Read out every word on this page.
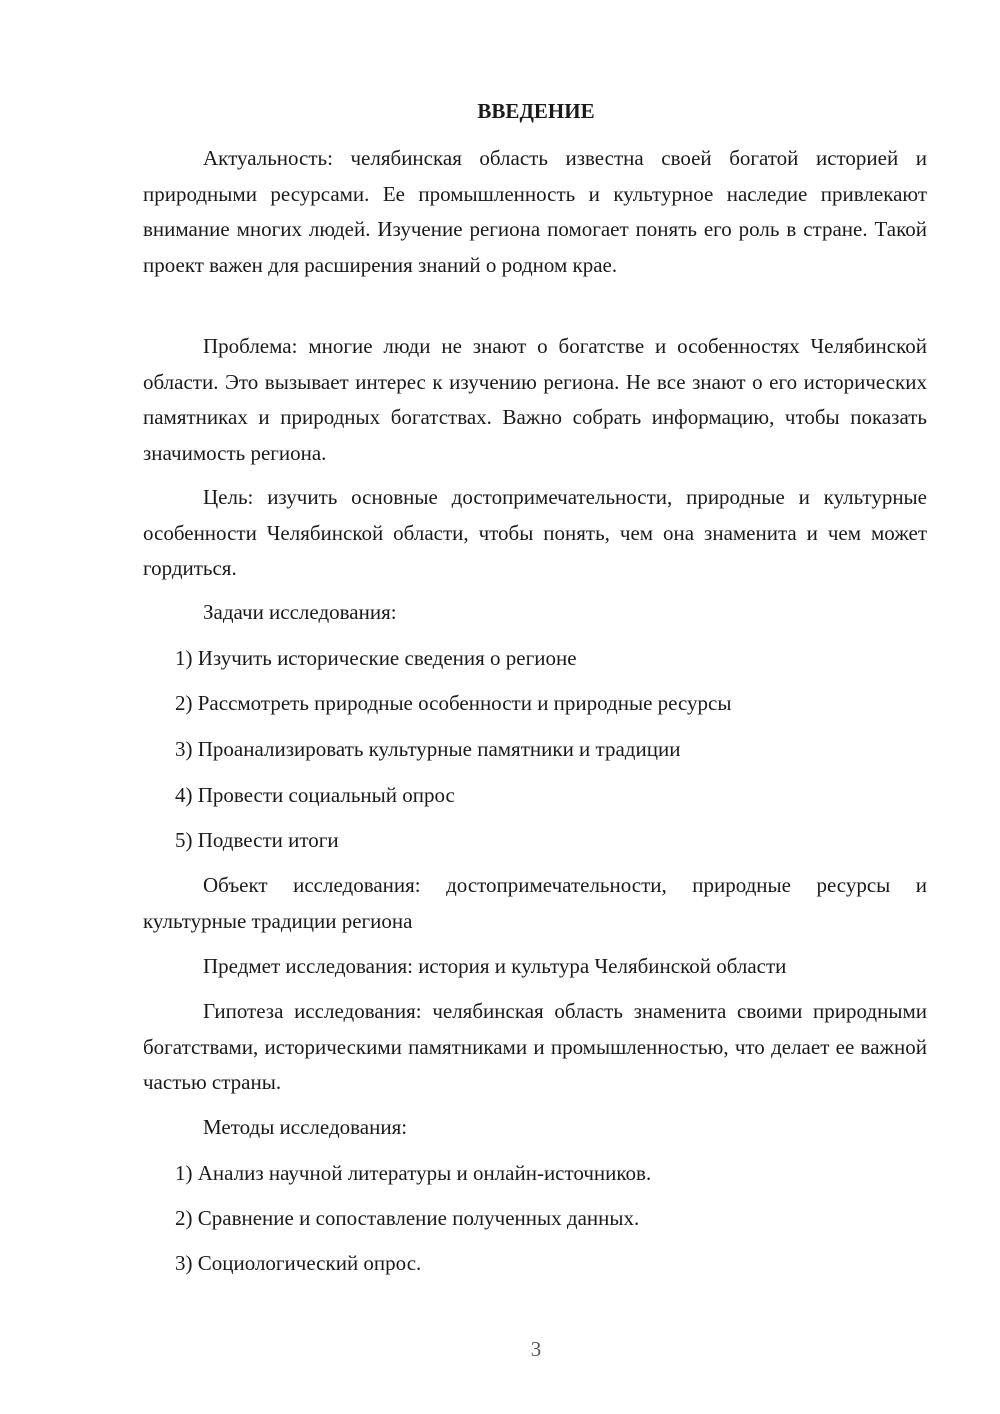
ВВЕДЕНИЕ

Актуальность: челябинская область известна своей богатой историей и природными ресурсами. Ее промышленность и культурное наследие привлекают внимание многих людей. Изучение региона помогает понять его роль в стране. Такой проект важен для расширения знаний о родном крае.

Проблема: многие люди не знают о богатстве и особенностях Челябинской области. Это вызывает интерес к изучению региона. Не все знают о его исторических памятниках и природных богатствах. Важно собрать информацию, чтобы показать значимость региона.

Цель: изучить основные достопримечательности, природные и культурные особенности Челябинской области, чтобы понять, чем она знаменита и чем может гордиться.

Задачи исследования:

1) Изучить исторические сведения о регионе

2) Рассмотреть природные особенности и природные ресурсы

3) Проанализировать культурные памятники и традиции

4) Провести социальный опрос

5) Подвести итоги

Объект исследования: достопримечательности, природные ресурсы и культурные традиции региона

Предмет исследования: история и культура Челябинской области

Гипотеза исследования: челябинская область знаменита своими природными богатствами, историческими памятниками и промышленностью, что делает ее важной частью страны.

Методы исследования:

1) Анализ научной литературы и онлайн-источников.

2) Сравнение и сопоставление полученных данных.

3) Социологический опрос.

3
